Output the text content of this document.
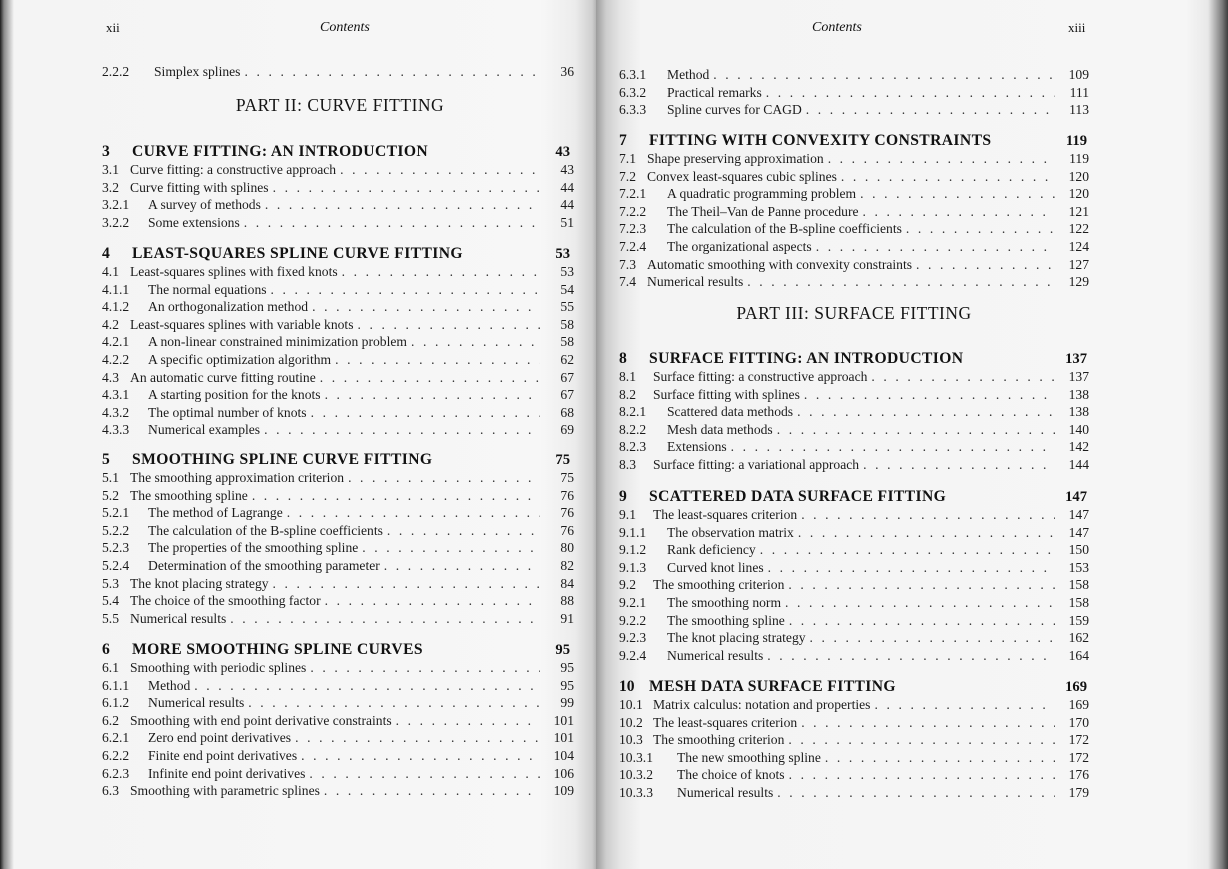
xii	Contents
2.2.2	Simplex splines . . .	36
PART II: CURVE FITTING
3	CURVE FITTING: AN INTRODUCTION	43
3.1 Curve fitting: a constructive approach . . .	43
3.2 Curve fitting with splines . . .	44
3.2.1	A survey of methods . . .	44
3.2.2	Some extensions . . .	51
4	LEAST-SQUARES SPLINE CURVE FITTING	53
4.1 Least-squares splines with fixed knots . . .	53
4.1.1	The normal equations . . .	54
4.1.2	An orthogonalization method . . .	55
4.2 Least-squares splines with variable knots . . .	58
4.2.1	A non-linear constrained minimization problem . . .	58
4.2.2	A specific optimization algorithm . . .	62
4.3 An automatic curve fitting routine . . .	67
4.3.1	A starting position for the knots . . .	67
4.3.2	The optimal number of knots . . .	68
4.3.3	Numerical examples . . .	69
5	SMOOTHING SPLINE CURVE FITTING	75
5.1 The smoothing approximation criterion . . .	75
5.2 The smoothing spline . . .	76
5.2.1	The method of Lagrange . . .	76
5.2.2	The calculation of the B-spline coefficients . . .	76
5.2.3	The properties of the smoothing spline . . .	80
5.2.4	Determination of the smoothing parameter . . .	82
5.3 The knot placing strategy . . .	84
5.4 The choice of the smoothing factor . . .	88
5.5 Numerical results . . .	91
6	MORE SMOOTHING SPLINE CURVES	95
6.1 Smoothing with periodic splines . . .	95
6.1.1	Method . . .	95
6.1.2	Numerical results . . .	99
6.2 Smoothing with end point derivative constraints . . .	101
6.2.1	Zero end point derivatives . . .	101
6.2.2	Finite end point derivatives . . .	104
6.2.3	Infinite end point derivatives . . .	106
6.3 Smoothing with parametric splines . . .	109
Contents	xiii
6.3.1	Method . . .	109
6.3.2	Practical remarks . . .	111
6.3.3	Spline curves for CAGD . . .	113
7	FITTING WITH CONVEXITY CONSTRAINTS	119
7.1 Shape preserving approximation . . .	119
7.2 Convex least-squares cubic splines . . .	120
7.2.1	A quadratic programming problem . . .	120
7.2.2	The Theil–Van de Panne procedure . . .	121
7.2.3	The calculation of the B-spline coefficients . . .	122
7.2.4	The organizational aspects . . .	124
7.3 Automatic smoothing with convexity constraints . . .	127
7.4 Numerical results . . .	129
PART III: SURFACE FITTING
8	SURFACE FITTING: AN INTRODUCTION	137
8.1	Surface fitting: a constructive approach . . .	137
8.2	Surface fitting with splines . . .	138
8.2.1	Scattered data methods . . .	138
8.2.2	Mesh data methods . . .	140
8.2.3	Extensions . . .	142
8.3	Surface fitting: a variational approach . . .	144
9	SCATTERED DATA SURFACE FITTING	147
9.1	The least-squares criterion . . .	147
9.1.1	The observation matrix . . .	147
9.1.2	Rank deficiency . . .	150
9.1.3	Curved knot lines . . .	153
9.2	The smoothing criterion . . .	158
9.2.1	The smoothing norm . . .	158
9.2.2	The smoothing spline . . .	159
9.2.3	The knot placing strategy . . .	162
9.2.4	Numerical results . . .	164
10 MESH DATA SURFACE FITTING	169
10.1 Matrix calculus: notation and properties . . .	169
10.2 The least-squares criterion . . .	170
10.3 The smoothing criterion . . .	172
10.3.1	The new smoothing spline . . .	172
10.3.2	The choice of knots . . .	176
10.3.3	Numerical results . . .	179
